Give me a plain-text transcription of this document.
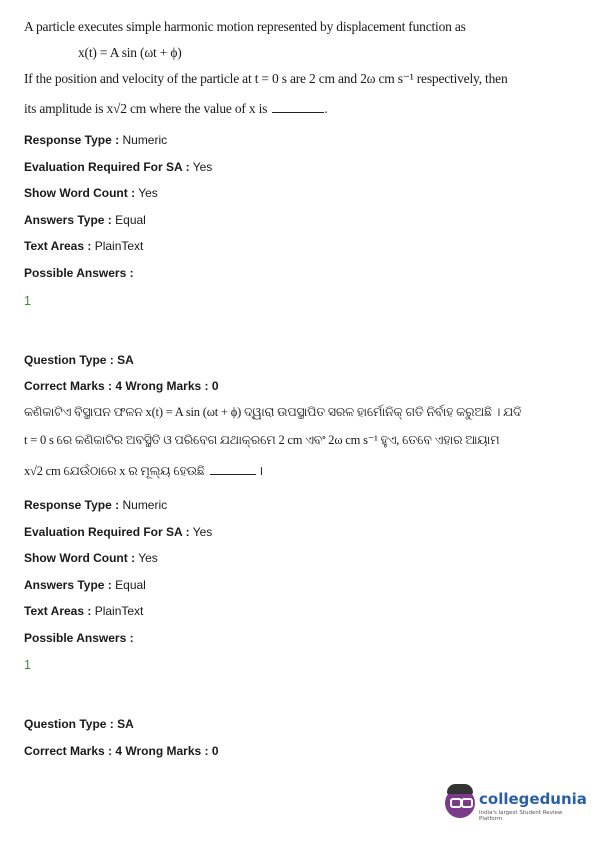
A particle executes simple harmonic motion represented by displacement function as
x(t) = A sin (ωt + ϕ)
If the position and velocity of the particle at t = 0 s are 2 cm and 2ω cm s⁻¹ respectively, then
its amplitude is x√2 cm where the value of x is	.
Response Type : Numeric
Evaluation Required For SA : Yes
Show Word Count : Yes
Answers Type : Equal
Text Areas : PlainText
Possible Answers :
1
Question Type : SA
Correct Marks : 4 Wrong Marks : 0
କଣିକାଟିଏ ବିସ୍ଥାପନ ଫଳନ x(t) = A sin (ωt + ϕ) ଦ୍ୱାରା ଉପସ୍ଥାପିତ ସରଳ ହାର୍ମୋନିକ୍ ଗତି ନିର୍ବାହ କରୁଅଛି । ଯଦି
t = 0 s ରେ କଣିକାଟିର ଅବସ୍ଥିତି ଓ ପରିବେଗ ଯଥାକ୍ରମେ 2 cm ଏବଂ 2ω cm s⁻¹ ହୁଏ, ତେବେ ଏହାର ଆୟାମ
x√2 cm ଯେଉଁଠାରେ x ର ମୂଲ୍ୟ ହେଉଛି	।
Response Type : Numeric
Evaluation Required For SA : Yes
Show Word Count : Yes
Answers Type : Equal
Text Areas : PlainText
Possible Answers :
1
Question Type : SA
Correct Marks : 4 Wrong Marks : 0
collegedunia
India's largest Student Review Platform
